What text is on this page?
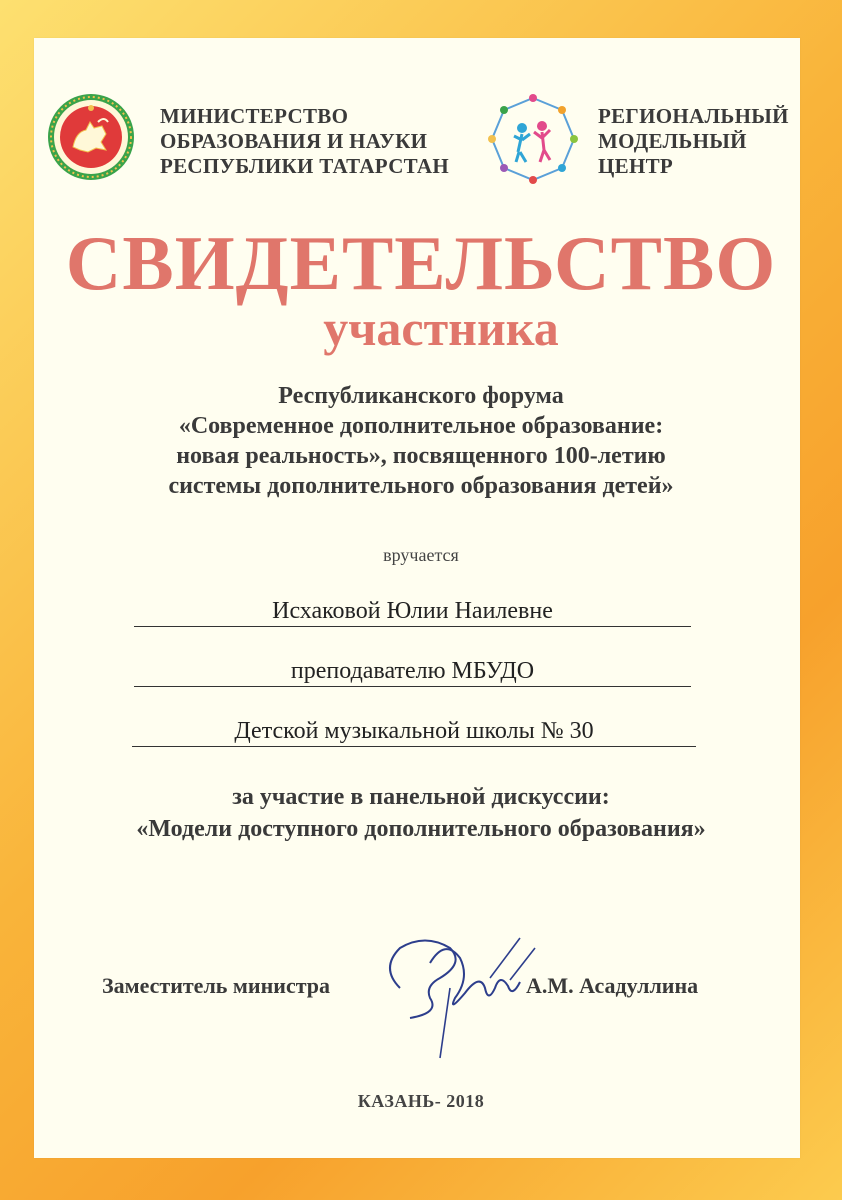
МИНИСТЕРСТВО
ОБРАЗОВАНИЯ И НАУКИ
РЕСПУБЛИКИ ТАТАРСТАН
РЕГИОНАЛЬНЫЙ
МОДЕЛЬНЫЙ
ЦЕНТР
СВИДЕТЕЛЬСТВО
участника
Республиканского форума
«Современное дополнительное образование:
новая реальность», посвященного 100-летию
системы дополнительного образования детей»
вручается
Исхаковой Юлии Наилевне
преподавателю МБУДО
Детской музыкальной школы № 30
за участие в панельной дискуссии:
«Модели доступного дополнительного образования»
Заместитель министра	А.М. Асадуллина
КАЗАНЬ- 2018
